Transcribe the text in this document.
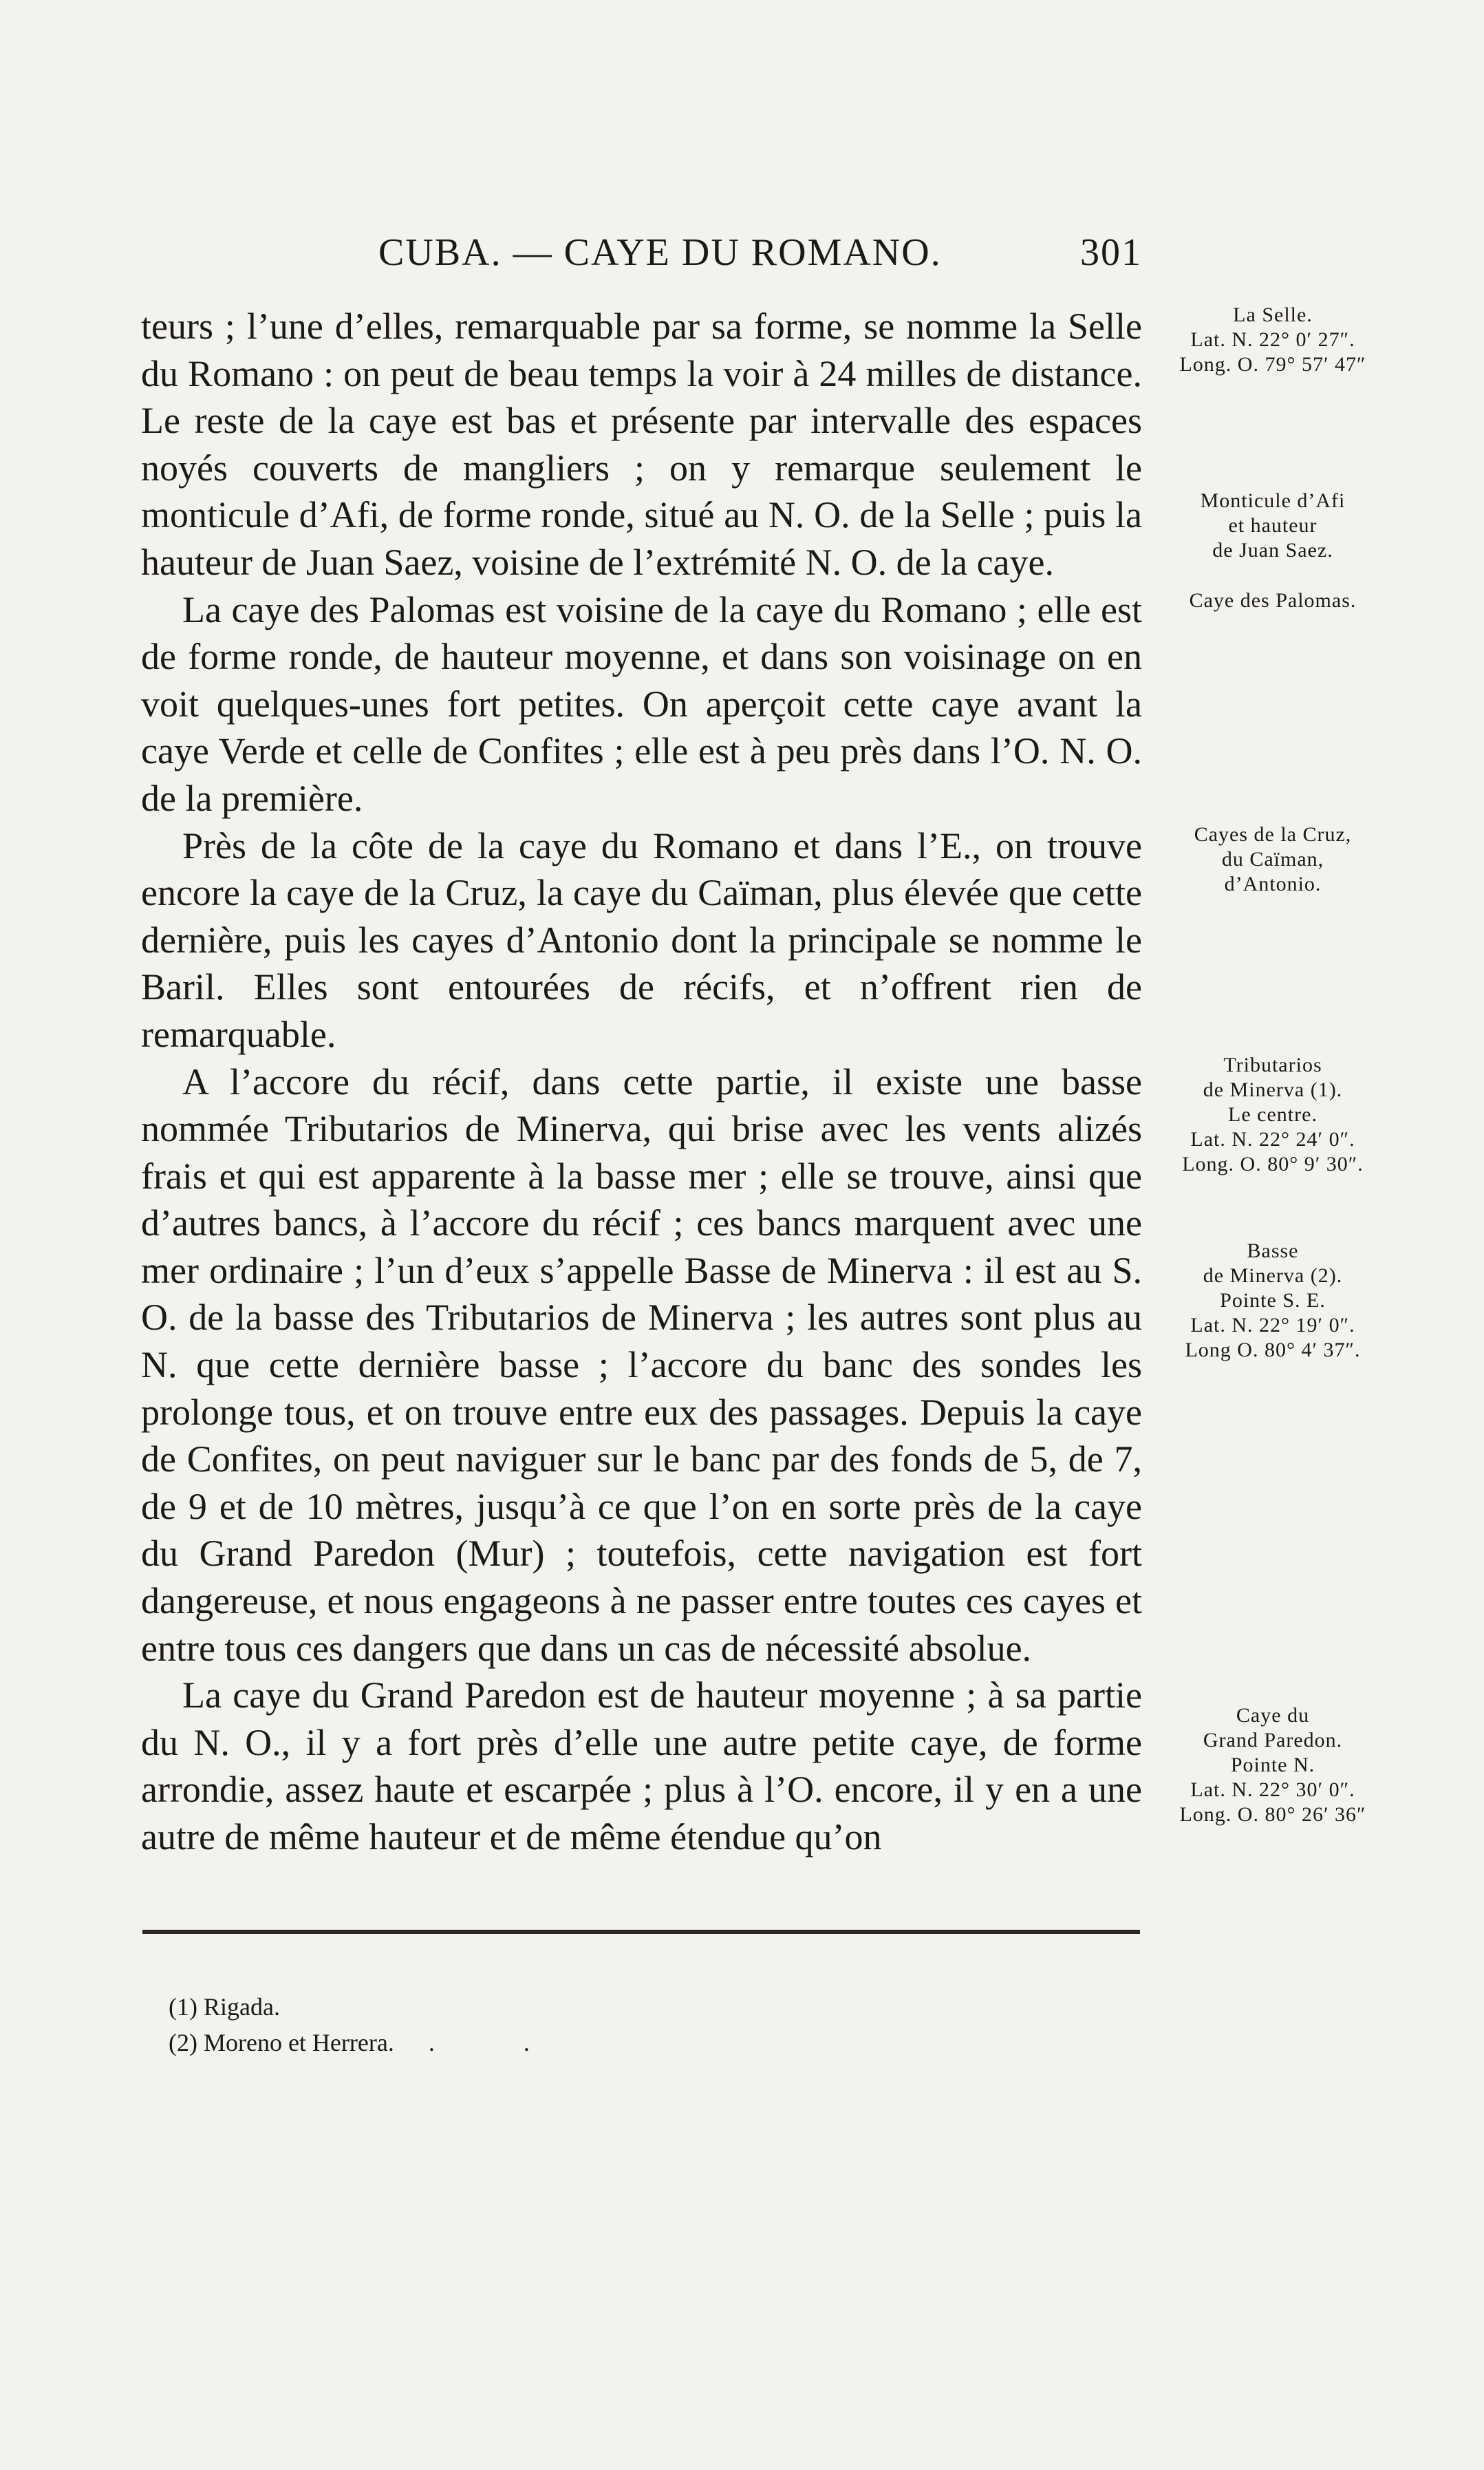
CUBA. — CAYE DU ROMANO.	301

teurs ; l’une d’elles, remarquable par sa forme, se nomme la Selle du Romano : on peut de beau temps la voir à 24 milles de distance. Le reste de la caye est bas et présente par intervalle des espaces noyés couverts de mangliers ; on y remarque seulement le monticule d’Afi, de forme ronde, situé au N. O. de la Selle ; puis la hauteur de Juan Saez, voisine de l’extrémité N. O. de la caye.

La caye des Palomas est voisine de la caye du Romano ; elle est de forme ronde, de hauteur moyenne, et dans son voisinage on en voit quelques-unes fort petites. On aperçoit cette caye avant la caye Verde et celle de Confites ; elle est à peu près dans l’O. N. O. de la première.

Près de la côte de la caye du Romano et dans l’E., on trouve encore la caye de la Cruz, la caye du Caïman, plus élevée que cette dernière, puis les cayes d’Antonio dont la principale se nomme le Baril. Elles sont entourées de récifs, et n’offrent rien de remarquable.

A l’accore du récif, dans cette partie, il existe une basse nommée Tributarios de Minerva, qui brise avec les vents alizés frais et qui est apparente à la basse mer ; elle se trouve, ainsi que d’autres bancs, à l’accore du récif ; ces bancs marquent avec une mer ordinaire ; l’un d’eux s’appelle Basse de Minerva : il est au S. O. de la basse des Tributarios de Minerva ; les autres sont plus au N. que cette dernière basse ; l’accore du banc des sondes les prolonge tous, et on trouve entre eux des passages. Depuis la caye de Confites, on peut naviguer sur le banc par des fonds de 5, de 7, de 9 et de 10 mètres, jusqu’à ce que l’on en sorte près de la caye du Grand Paredon (Mur) ; toutefois, cette navigation est fort dangereuse, et nous engageons à ne passer entre toutes ces cayes et entre tous ces dangers que dans un cas de nécessité absolue.

La caye du Grand Paredon est de hauteur moyenne ; à sa partie du N. O., il y a fort près d’elle une autre petite caye, de forme arrondie, assez haute et escarpée ; plus à l’O. encore, il y en a une autre de même hauteur et de même étendue qu’on

La Selle.
Lat. N. 22° 0′ 27″.
Long. O. 79° 57′ 47″
Monticule d’Afi
et hauteur
de Juan Saez.
Caye des Palomas.
Cayes de la Cruz,
du Caïman,
d’Antonio.
Tributarios
de Minerva (1).
Le centre.
Lat. N. 22° 24′ 0″.
Long. O. 80° 9′ 30″.
Basse
de Minerva (2).
Pointe S. E.
Lat. N. 22° 19′ 0″.
Long O. 80° 4′ 37″.
Caye du
Grand Paredon.
Pointe N.
Lat. N. 22° 30′ 0″.
Long. O. 80° 26′ 36″
(1) Rigada.
(2) Moreno et Herrera. . .
